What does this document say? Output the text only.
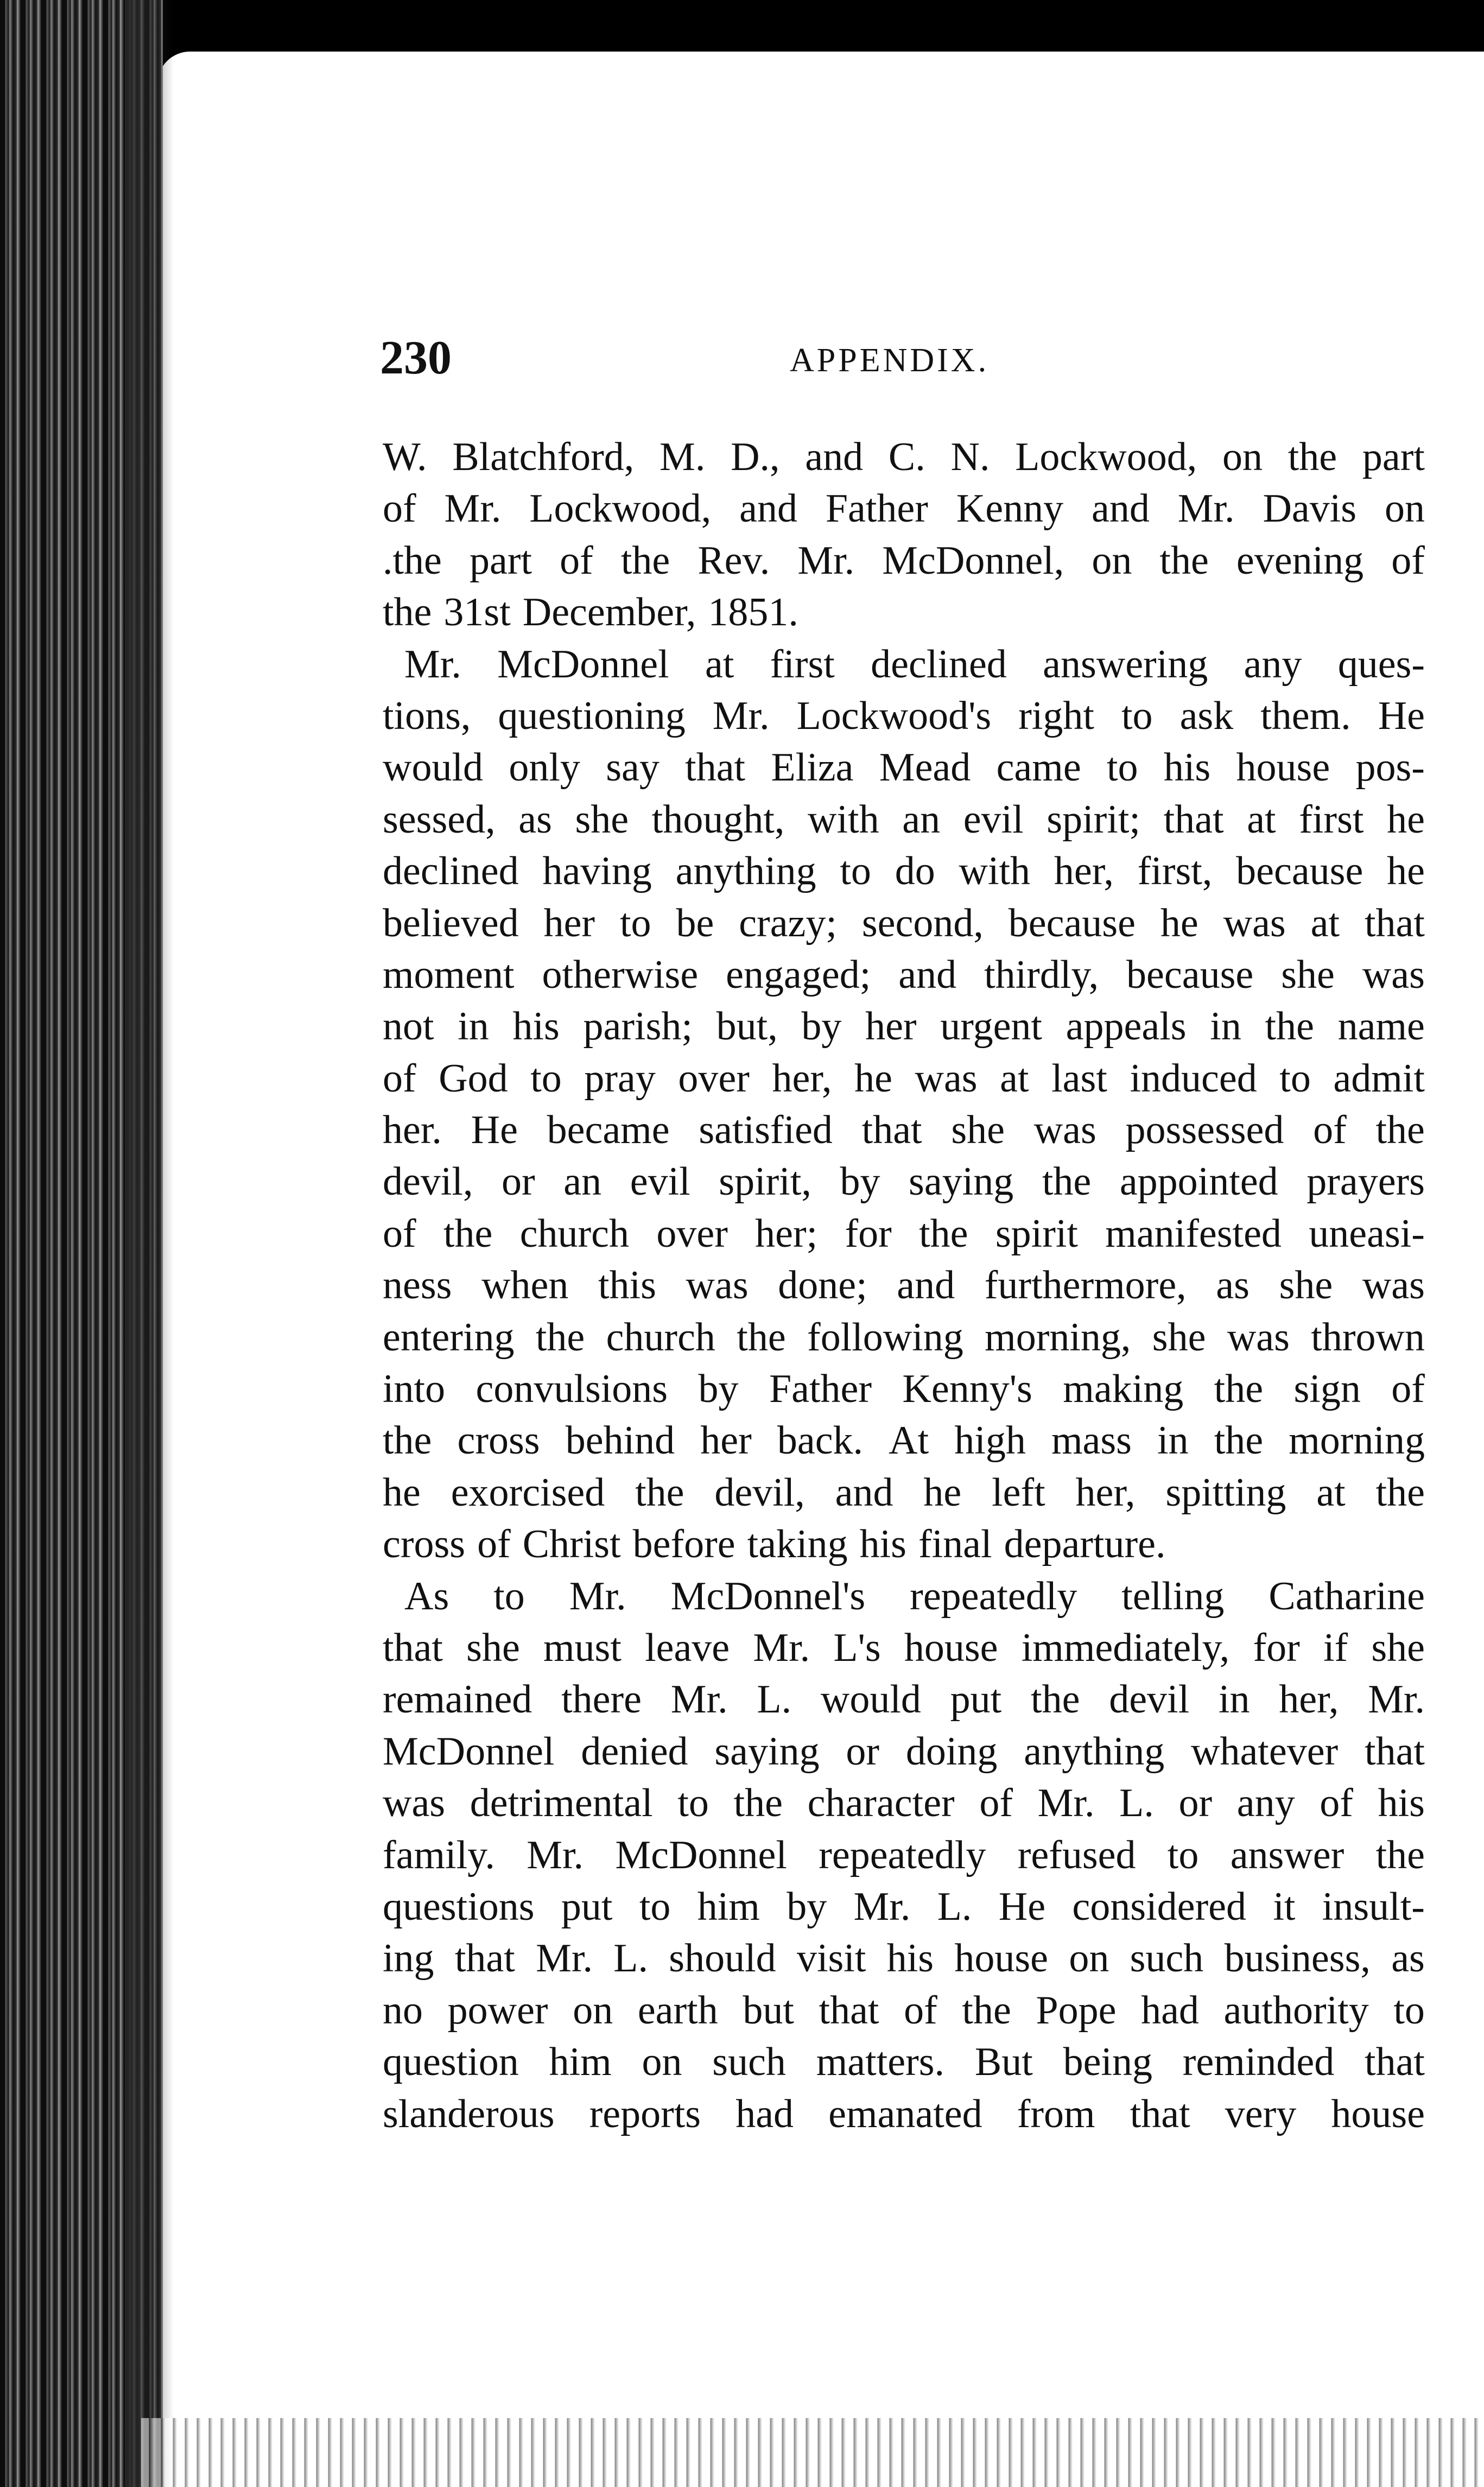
230	APPENDIX.
W. Blatchford, M. D., and C. N. Lockwood, on the part
of Mr. Lockwood, and Father Kenny and Mr. Davis on
.the part of the Rev. Mr. McDonnel, on the evening of
the 31st December, 1851.
Mr. McDonnel at first declined answering any ques-
tions, questioning Mr. Lockwood's right to ask them. He
would only say that Eliza Mead came to his house pos-
sessed, as she thought, with an evil spirit; that at first he
declined having anything to do with her, first, because he
believed her to be crazy; second, because he was at that
moment otherwise engaged; and thirdly, because she was
not in his parish; but, by her urgent appeals in the name
of God to pray over her, he was at last induced to admit
her. He became satisfied that she was possessed of the
devil, or an evil spirit, by saying the appointed prayers
of the church over her; for the spirit manifested uneasi-
ness when this was done; and furthermore, as she was
entering the church the following morning, she was thrown
into convulsions by Father Kenny's making the sign of
the cross behind her back. At high mass in the morning
he exorcised the devil, and he left her, spitting at the
cross of Christ before taking his final departure.
As to Mr. McDonnel's repeatedly telling Catharine
that she must leave Mr. L's house immediately, for if she
remained there Mr. L. would put the devil in her, Mr.
McDonnel denied saying or doing anything whatever that
was detrimental to the character of Mr. L. or any of his
family. Mr. McDonnel repeatedly refused to answer the
questions put to him by Mr. L. He considered it insult-
ing that Mr. L. should visit his house on such business, as
no power on earth but that of the Pope had authority to
question him on such matters. But being reminded that
slanderous reports had emanated from that very house
